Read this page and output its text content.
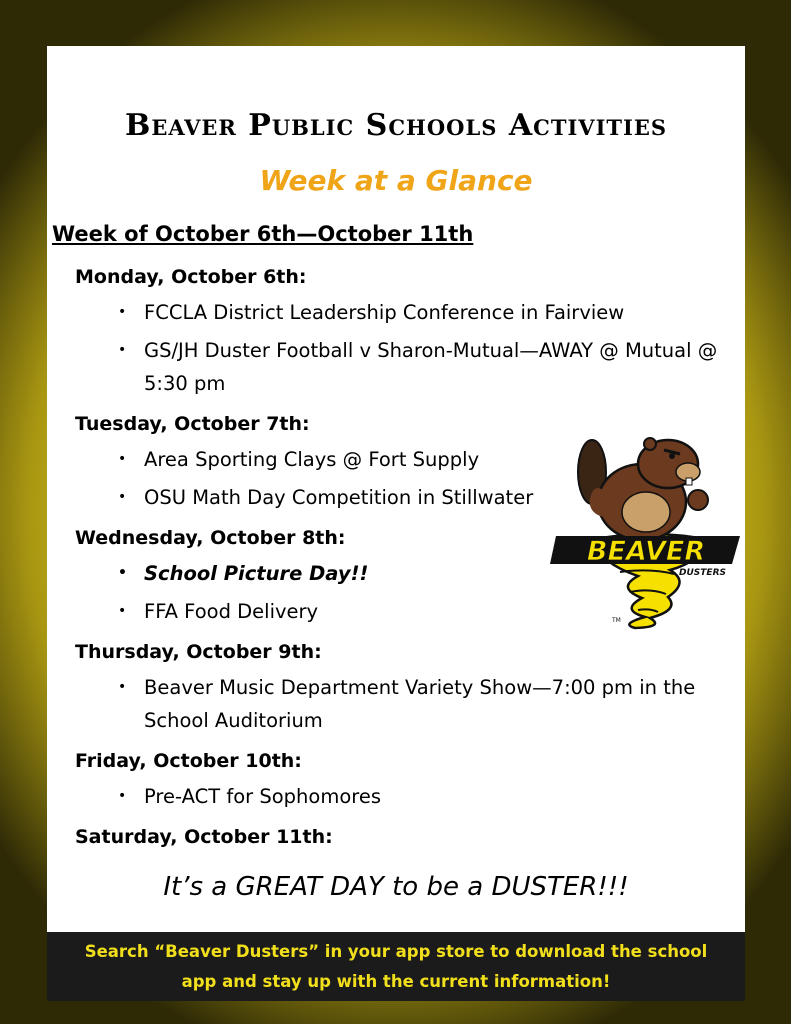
Beaver Public Schools Activities
Week at a Glance
Week of October 6th—October 11th
Monday, October 6th:
• FCCLA District Leadership Conference in Fairview
• GS/JH Duster Football v Sharon-Mutual—AWAY @ Mutual @ 5:30 pm
Tuesday, October 7th:
• Area Sporting Clays @ Fort Supply
• OSU Math Day Competition in Stillwater
Wednesday, October 8th:
• School Picture Day!!
• FFA Food Delivery
Thursday, October 9th:
• Beaver Music Department Variety Show—7:00 pm in the School Auditorium
Friday, October 10th:
• Pre-ACT for Sophomores
Saturday, October 11th:
BEAVER
DUSTERS
TM
It’s a GREAT DAY to be a DUSTER!!!
Search “Beaver Dusters” in your app store to download the school
app and stay up with the current information!
